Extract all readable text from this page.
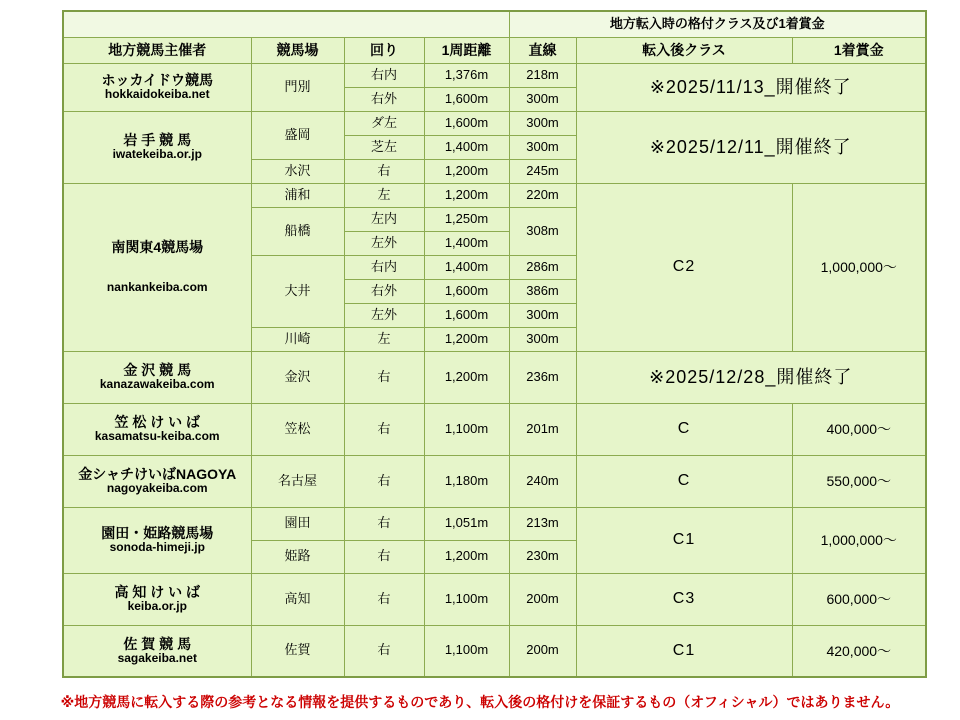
				地方転入時の格付クラス及び1着賞金		
地方競馬主催者	競馬場	回り	1周距離	直線	転入後クラス	1着賞金

ホッカイドウ競馬
hokkaidokeiba.net	門別	右内	1,376m	218m	※2025/11/13_開催終了	
		右外	1,600m	300m		

岩 手 競 馬
iwatekeiba.or.jp	盛岡	ダ左	1,600m	300m	※2025/12/11_開催終了	
		芝左	1,400m	300m		
	水沢	右	1,200m	245m		

南関東4競馬場
nankankeiba.com	浦和	左	1,200m	220m	C2	1,000,000～
	船橋	左内	1,250m	308m		
		左外	1,400m			
	大井	右内	1,400m	286m		
		右外	1,600m	386m		
		左外	1,600m	300m		
	川崎	左	1,200m	300m		

金 沢 競 馬
kanazawakeiba.com	金沢	右	1,200m	236m	※2025/12/28_開催終了	

笠 松 け い ば
kasamatsu-keiba.com	笠松	右	1,100m	201m	C	400,000～

金シャチけいばNAGOYA
nagoyakeiba.com	名古屋	右	1,180m	240m	C	550,000～

園田・姫路競馬場
sonoda-himeji.jp	園田	右	1,051m	213m	C1	1,000,000～
	姫路	右	1,200m	230m		

高 知 け い ば
keiba.or.jp	高知	右	1,100m	200m	C3	600,000～

佐 賀 競 馬
sagakeiba.net	佐賀	右	1,100m	200m	C1	420,000～
※地方競馬に転入する際の参考となる情報を提供するものであり、転入後の格付けを保証するもの（オフィシャル）ではありません。
